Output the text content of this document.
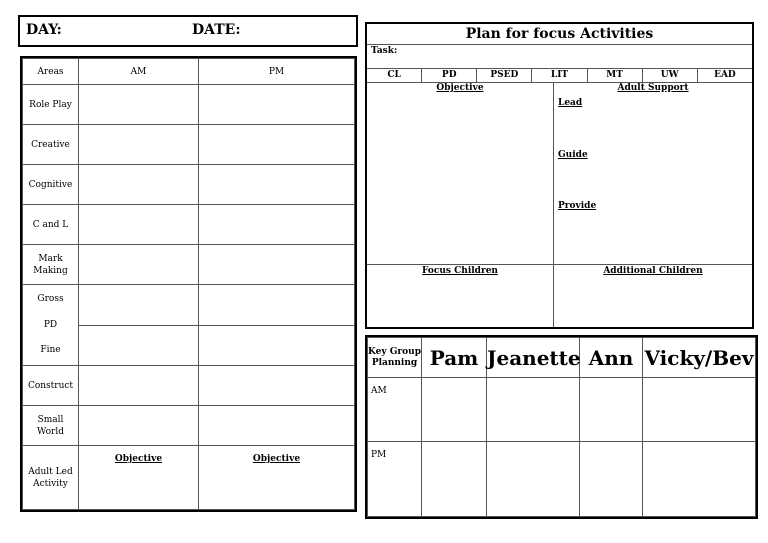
DAY:	DATE:
Areas	AM	PM
Role Play		
Creative		
Cognitive		
C and L		
Mark Making		

Gross
PD
Fine		

Construct		
Small World		
Adult Led Activity	Objective	Objective
Plan for focus Activities
Task:
CL	PD	PSED	LIT	MT	UW	EAD
Objective	Adult Support
Lead
Guide
Provide
Focus Children	Additional Children
Key Group Planning	Pam	Jeanette	Ann	Vicky/Bev
AM				
PM				
